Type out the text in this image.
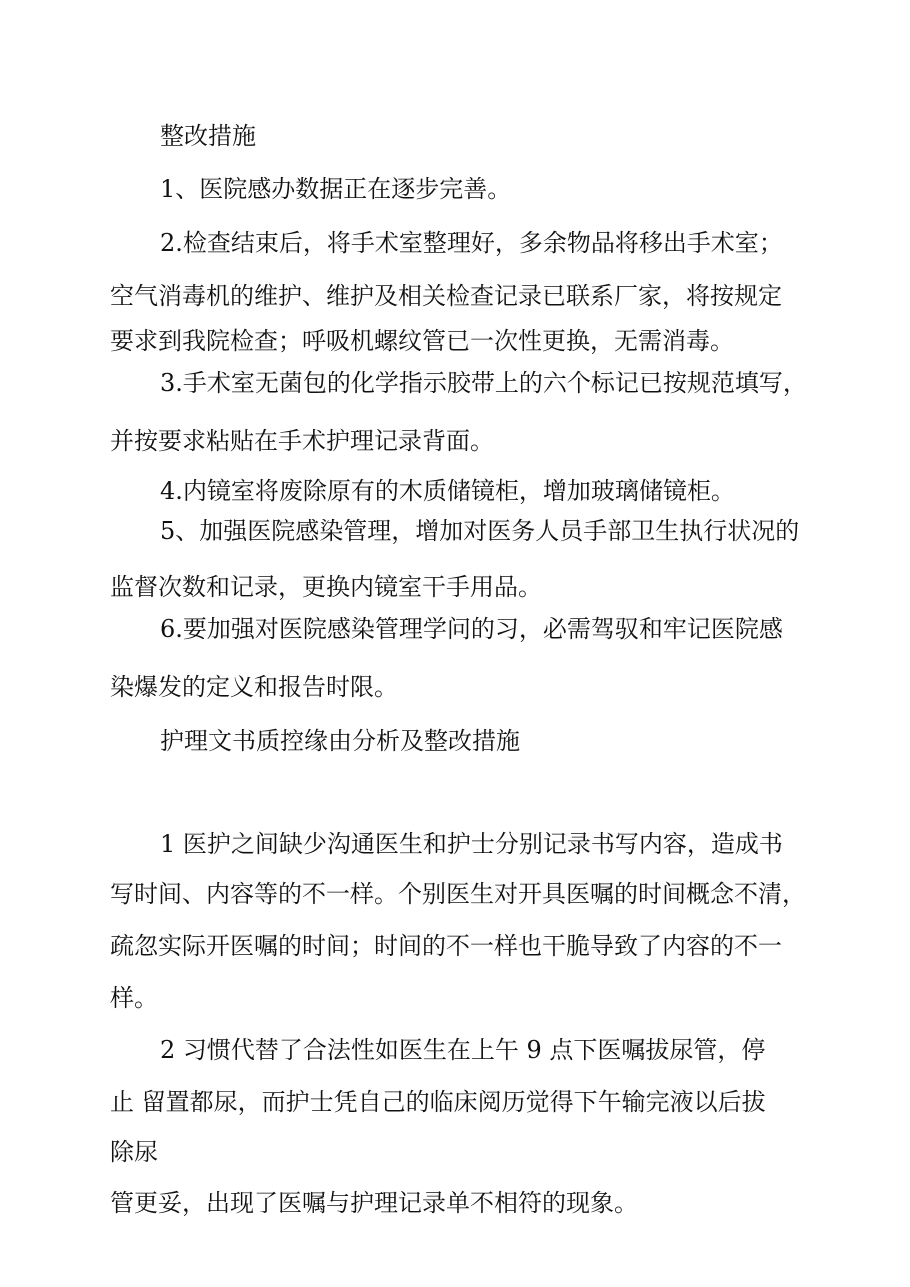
整改措施
1、医院感办数据正在逐步完善。
2.检查结束后，将手术室整理好，多余物品将移出手术室；
空气消毒机的维护、维护及相关检查记录已联系厂家，将按规定
要求到我院检查；呼吸机螺纹管已一次性更换，无需消毒。
3.手术室无菌包的化学指示胶带上的六个标记已按规范填写，
并按要求粘贴在手术护理记录背面。
4.内镜室将废除原有的木质储镜柜，增加玻璃储镜柜。
5、加强医院感染管理，增加对医务人员手部卫生执行状况的
监督次数和记录，更换内镜室干手用品。
6.要加强对医院感染管理学问的习，必需驾驭和牢记医院感
染爆发的定义和报告时限。
护理文书质控缘由分析及整改措施
1 医护之间缺少沟通医生和护士分别记录书写内容，造成书
写时间、内容等的不一样。个别医生对开具医嘱的时间概念不清，
疏忽实际开医嘱的时间；时间的不一样也干脆导致了内容的不一
样。
2 习惯代替了合法性如医生在上午 9 点下医嘱拔尿管，停
止 留置都尿，而护士凭自己的临床阅历觉得下午输完液以后拔
除尿
管更妥，出现了医嘱与护理记录单不相符的现象。
